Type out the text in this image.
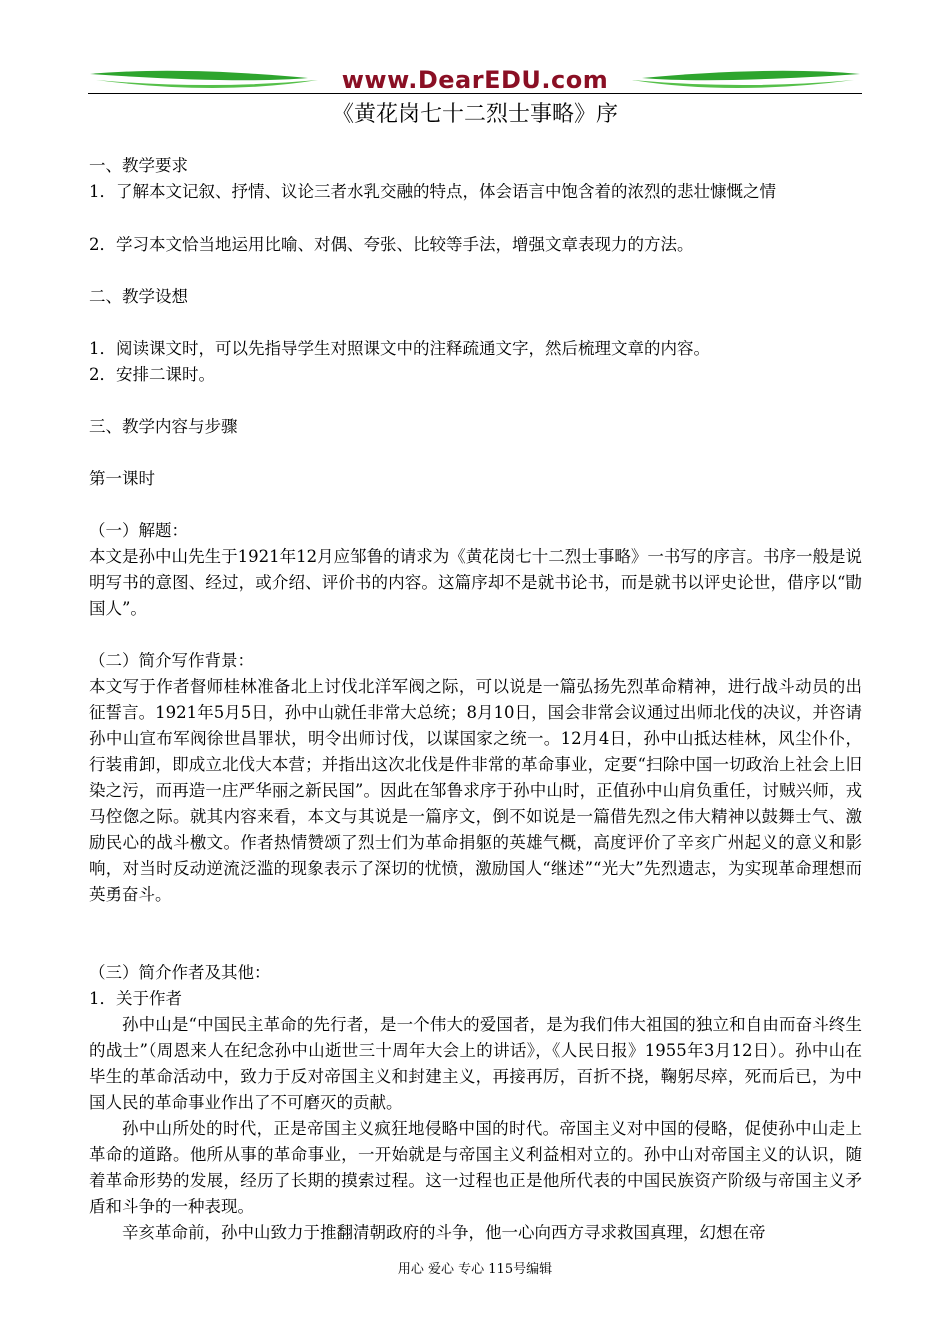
www.DearEDU.com
《黄花岗七十二烈士事略》序

一、教学要求

1．了解本文记叙、抒情、议论三者水乳交融的特点，体会语言中饱含着的浓烈的悲壮慷慨之情

2．学习本文恰当地运用比喻、对偶、夸张、比较等手法，增强文章表现力的方法。

二、教学设想

1．阅读课文时，可以先指导学生对照课文中的注释疏通文字，然后梳理文章的内容。

2．安排二课时。

三、教学内容与步骤

第一课时

（一）解题：

本文是孙中山先生于1921年12月应邹鲁的请求为《黄花岗七十二烈士事略》一书写的序言。书序一般是说明写书的意图、经过，或介绍、评价书的内容。这篇序却不是就书论书，而是就书以评史论世，借序以“勖国人”。

（二）简介写作背景：

本文写于作者督师桂林准备北上讨伐北洋军阀之际，可以说是一篇弘扬先烈革命精神，进行战斗动员的出征誓言。1921年5月5日，孙中山就任非常大总统；8月10日，国会非常会议通过出师北伐的决议，并咨请孙中山宣布军阀徐世昌罪状，明令出师讨伐，以谋国家之统一。12月4日，孙中山抵达桂林，风尘仆仆，行装甫卸，即成立北伐大本营；并指出这次北伐是件非常的革命事业，定要“扫除中国一切政治上社会上旧染之污，而再造一庄严华丽之新民国”。因此在邹鲁求序于孙中山时，正值孙中山肩负重任，讨贼兴师，戎马倥偬之际。就其内容来看，本文与其说是一篇序文，倒不如说是一篇借先烈之伟大精神以鼓舞士气、激励民心的战斗檄文。作者热情赞颂了烈士们为革命捐躯的英雄气概，高度评价了辛亥广州起义的意义和影响，对当时反动逆流泛滥的现象表示了深切的忧愤，激励国人“继述”“光大”先烈遗志，为实现革命理想而英勇奋斗。

（三）简介作者及其他：

1．关于作者

孙中山是“中国民主革命的先行者，是一个伟大的爱国者，是为我们伟大祖国的独立和自由而奋斗终生的战士”（周恩来人在纪念孙中山逝世三十周年大会上的讲话》，《人民日报》1955年3月12日）。孙中山在毕生的革命活动中，致力于反对帝国主义和封建主义，再接再厉，百折不挠，鞠躬尽瘁，死而后已，为中国人民的革命事业作出了不可磨灭的贡献。

孙中山所处的时代，正是帝国主义疯狂地侵略中国的时代。帝国主义对中国的侵略，促使孙中山走上革命的道路。他所从事的革命事业，一开始就是与帝国主义利益相对立的。孙中山对帝国主义的认识，随着革命形势的发展，经历了长期的摸索过程。这一过程也正是他所代表的中国民族资产阶级与帝国主义矛盾和斗争的一种表现。

辛亥革命前，孙中山致力于推翻清朝政府的斗争，他一心向西方寻求救国真理，幻想在帝

用心 爱心 专心 115号编辑
